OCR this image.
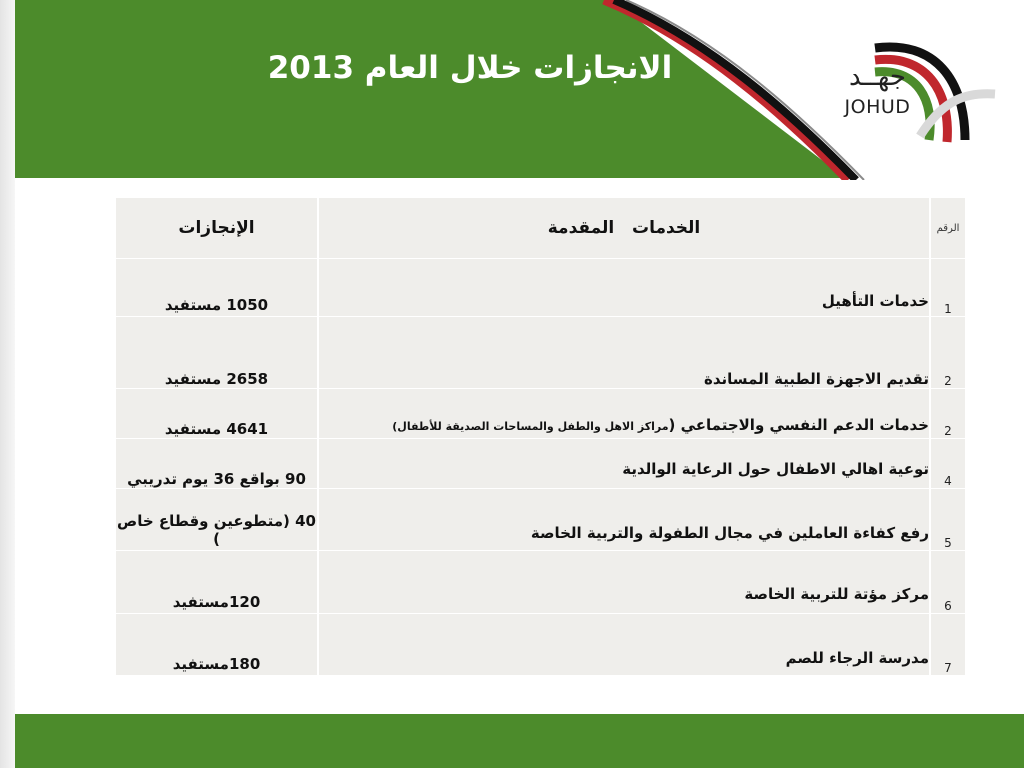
جهــد
JOHUD
الانجازات خلال العام 2013
الإنجازات	الخدمات   المقدمة	الرقم
1050 مستفيد	خدمات التأهيل	1
2658 مستفيد	تقديم الاجهزة الطبية المساندة	2
4641 مستفيد	خدمات الدعم النفسي والاجتماعي (مراكز الاهل والطفل والمساحات الصديقة للأطفال)	2
90 بواقع 36 يوم تدريبي	توعية اهالي الاطفال حول الرعاية الوالدية	4
40 (متطوعين وقطاع خاص )	رفع كفاءة العاملين في مجال الطفولة والتربية الخاصة	5
120مستفيد	مركز مؤتة للتربية الخاصة	6
180مستفيد	مدرسة الرجاء للصم	7
